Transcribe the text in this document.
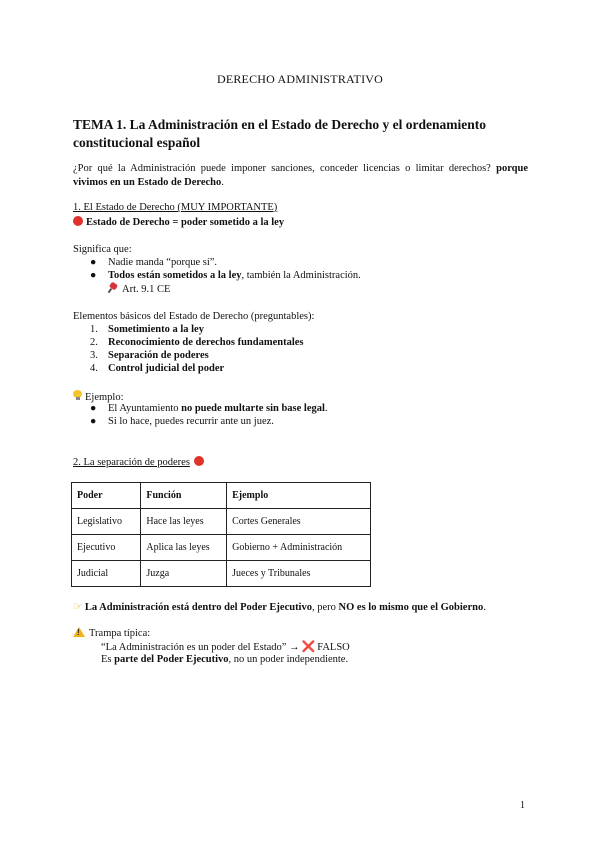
DERECHO ADMINISTRATIVO
TEMA 1. La Administración en el Estado de Derecho y el ordenamiento constitucional español
¿Por qué la Administración puede imponer sanciones, conceder licencias o limitar derechos? porque vivimos en un Estado de Derecho.
1. El Estado de Derecho (MUY IMPORTANTE)
Estado de Derecho = poder sometido a la ley
Significa que:
● Nadie manda “porque sí”.
● Todos están sometidos a la ley, también la Administración.
Art. 9.1 CE
Elementos básicos del Estado de Derecho (preguntables):
1. Sometimiento a la ley
2. Reconocimiento de derechos fundamentales
3. Separación de poderes
4. Control judicial del poder
Ejemplo:
● El Ayuntamiento no puede multarte sin base legal.
● Si lo hace, puedes recurrir ante un juez.
2. La separación de poderes
Poder	Función	Ejemplo
Legislativo	Hace las leyes	Cortes Generales
Ejecutivo	Aplica las leyes	Gobierno + Administración
Judicial	Juzga	Jueces y Tribunales
☞ La Administración está dentro del Poder Ejecutivo, pero NO es lo mismo que el Gobierno.
!Trampa típica:
“La Administración es un poder del Estado” → ❌ FALSO
Es parte del Poder Ejecutivo, no un poder independiente.
1
